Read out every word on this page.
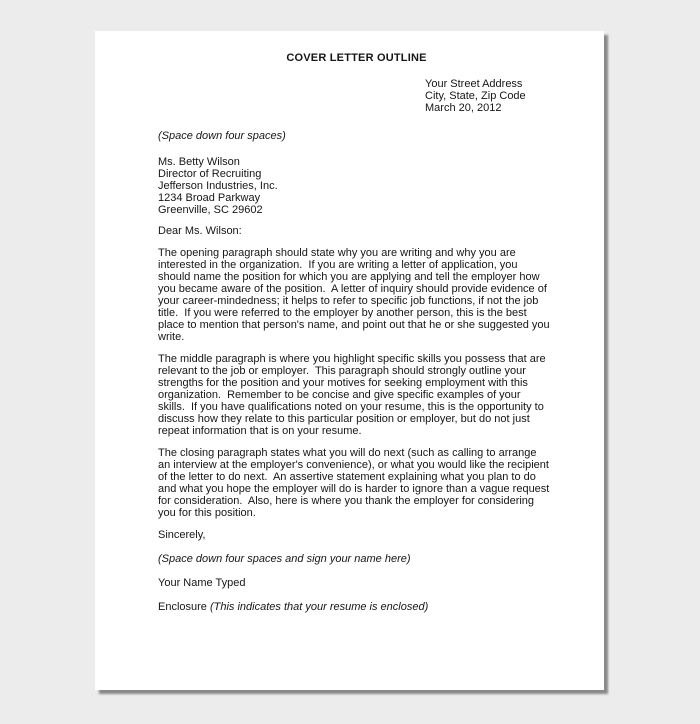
COVER LETTER OUTLINE
Your Street Address
City, State, Zip Code
March 20, 2012
(Space down four spaces)
Ms. Betty Wilson
Director of Recruiting
Jefferson Industries, Inc.
1234 Broad Parkway
Greenville, SC 29602
Dear Ms. Wilson:
The opening paragraph should state why you are writing and why you are interested in the organization.  If you are writing a letter of application, you should name the position for which you are applying and tell the employer how you became aware of the position.  A letter of inquiry should provide evidence of your career-mindedness; it helps to refer to specific job functions, if not the job title.  If you were referred to the employer by another person, this is the best place to mention that person's name, and point out that he or she suggested you write.
The middle paragraph is where you highlight specific skills you possess that are relevant to the job or employer.  This paragraph should strongly outline your strengths for the position and your motives for seeking employment with this organization.  Remember to be concise and give specific examples of your skills.  If you have qualifications noted on your resume, this is the opportunity to discuss how they relate to this particular position or employer, but do not just repeat information that is on your resume.
The closing paragraph states what you will do next (such as calling to arrange an interview at the employer's convenience), or what you would like the recipient of the letter to do next.  An assertive statement explaining what you plan to do and what you hope the employer will do is harder to ignore than a vague request for consideration.  Also, here is where you thank the employer for considering you for this position.
Sincerely,
(Space down four spaces and sign your name here)
Your Name Typed
Enclosure (This indicates that your resume is enclosed)
